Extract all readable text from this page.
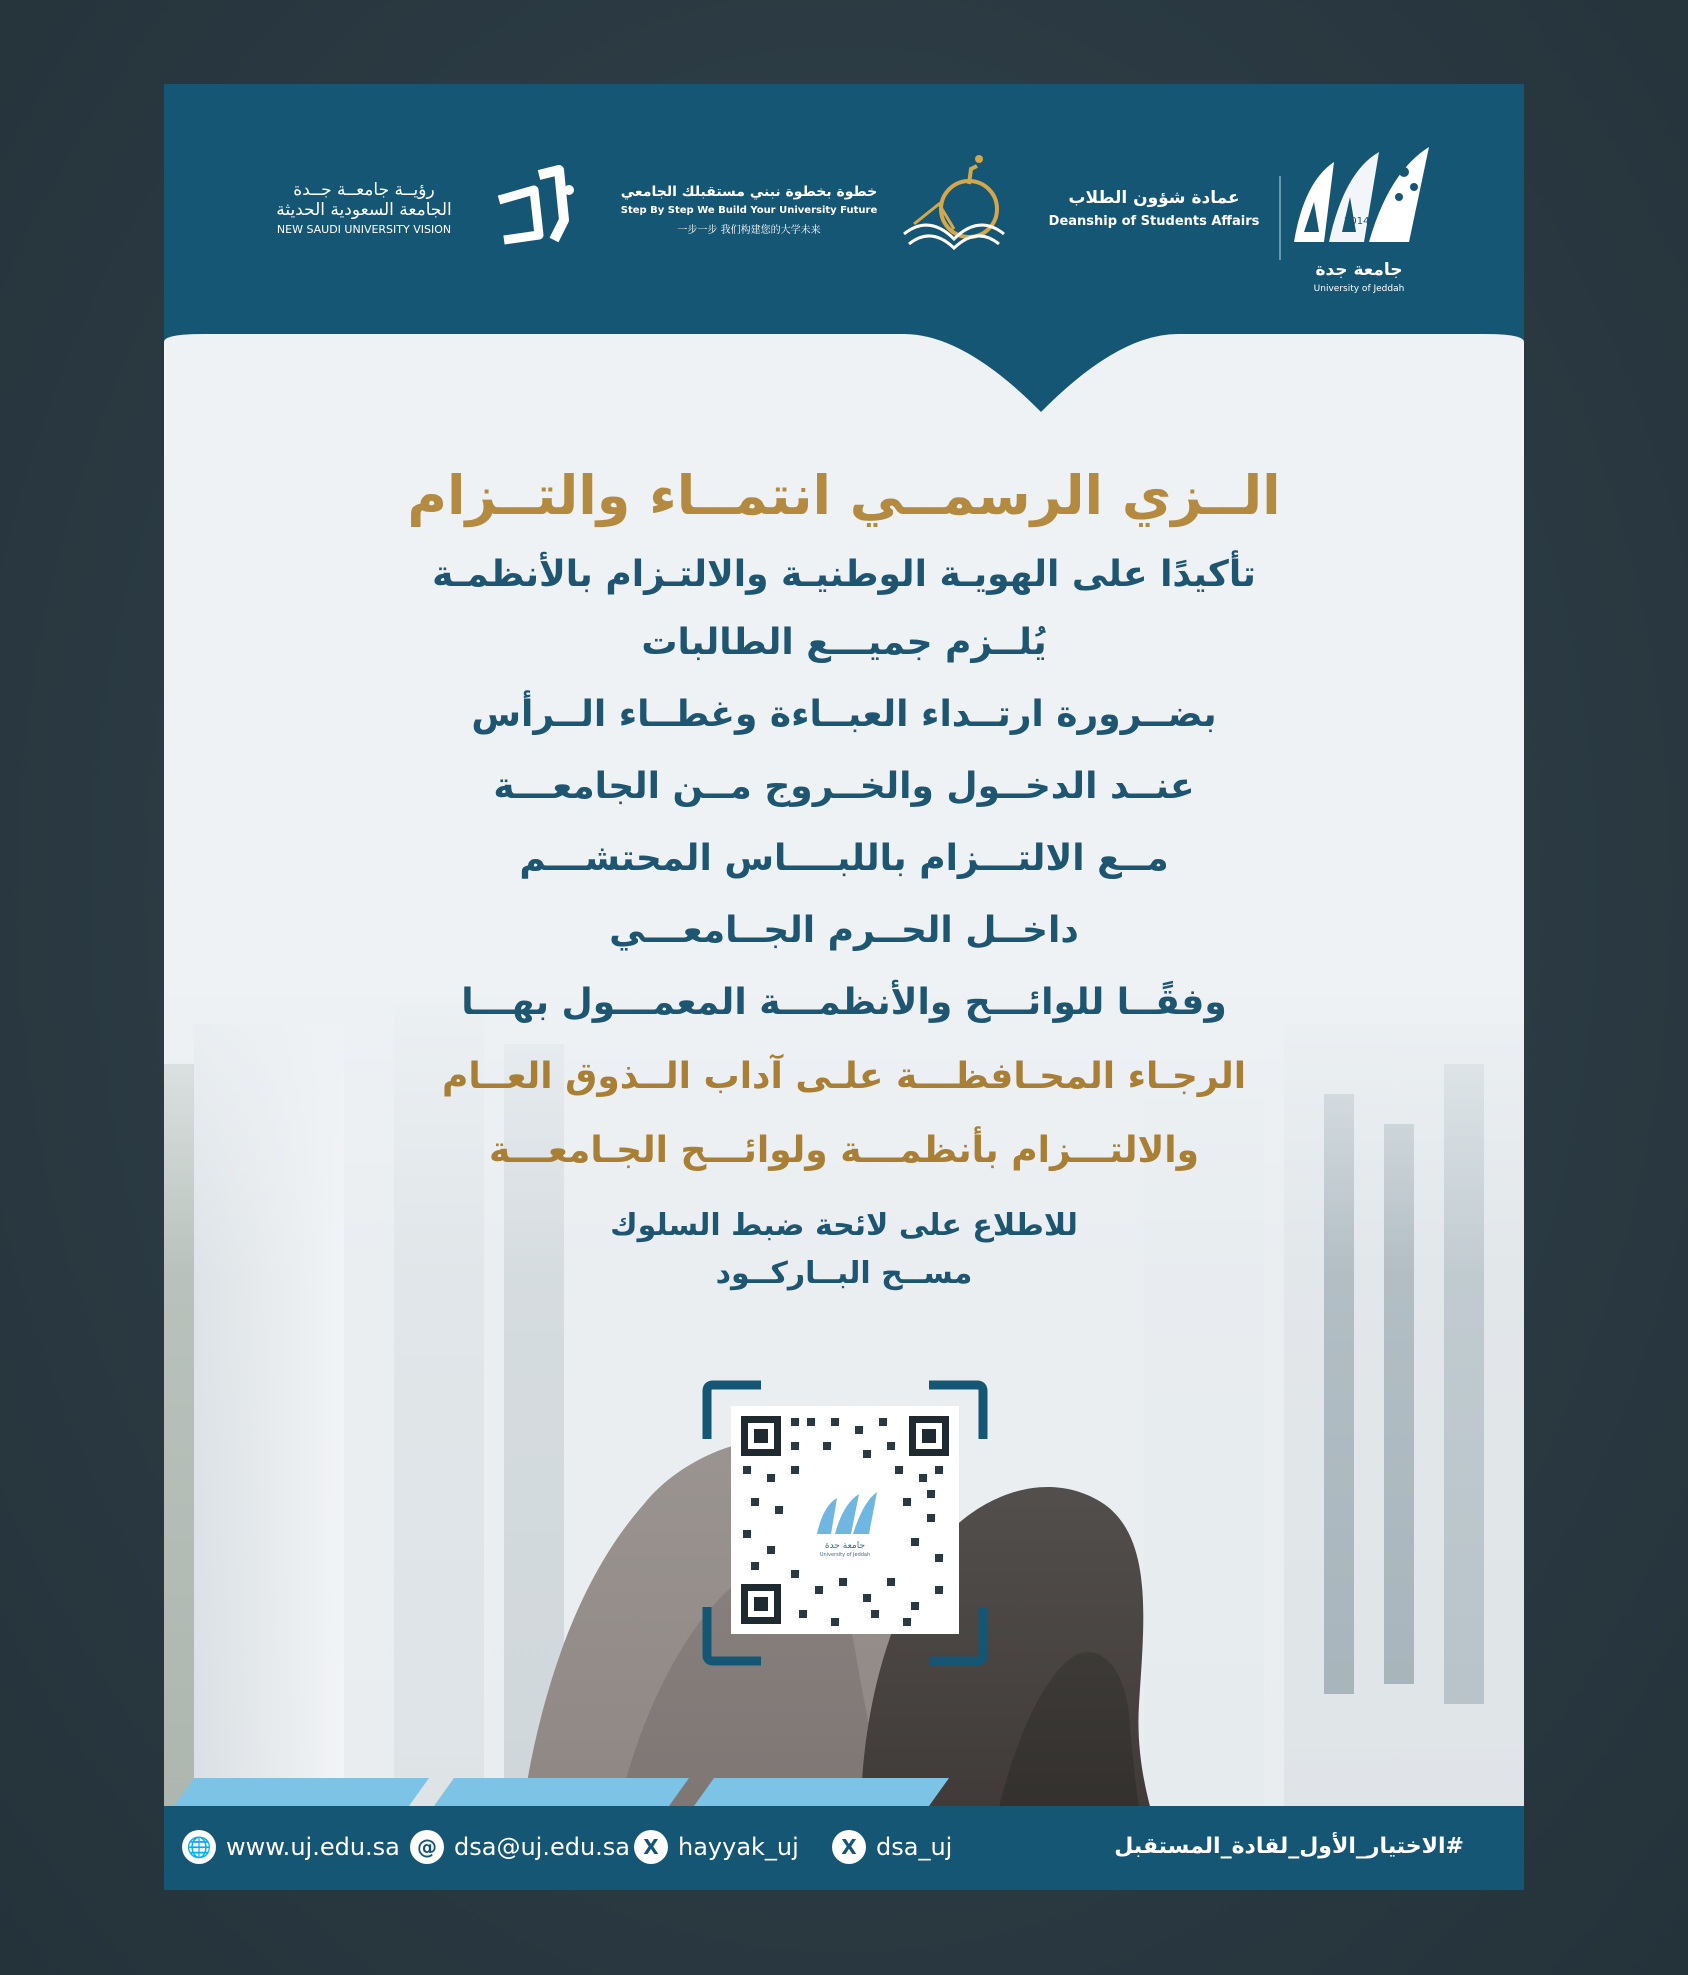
2014
جامعة جدة
University of Jeddah
عمادة شؤون الطلاب
Deanship of Students Affairs
خطوة بخطوة نبني مستقبلك الجامعي
Step By Step We Build Your University Future
一步一步 我们构建您的大学未来
رؤيــة جامعــة جــدة
الجامعة السعودية الحديثة
NEW SAUDI UNIVERSITY VISION
الــزي الرسمــي انتمــاء والتــزام
تأكيدًا على الهويـة الوطنيـة والالتـزام بالأنظمـة
يُلــزم جميـــع الطالبات
بضــرورة ارتــداء العبــاءة وغطــاء الــرأس
عنــد الدخــول والخــروج مــن الجامعـــة
مــع الالتـــزام باللبــــاس المحتشـــم
داخــل الحــرم الجــامعـــي
وفقًــا للوائـــح والأنظمـــة المعمـــول بهـــا
الرجـاء المحـافظـــة علـى آداب الــذوق العــام
والالتـــزام بأنظمـــة ولوائـــح الجـامعـــة
للاطلاع على لائحة ضبط السلوك
مســح البــاركــود
جامعة جدة
University of Jeddah
🌐 www.uj.edu.sa @ dsa@uj.edu.sa X hayyak_uj	X dsa_uj	#الاختيار_الأول_لقادة_المستقبل
